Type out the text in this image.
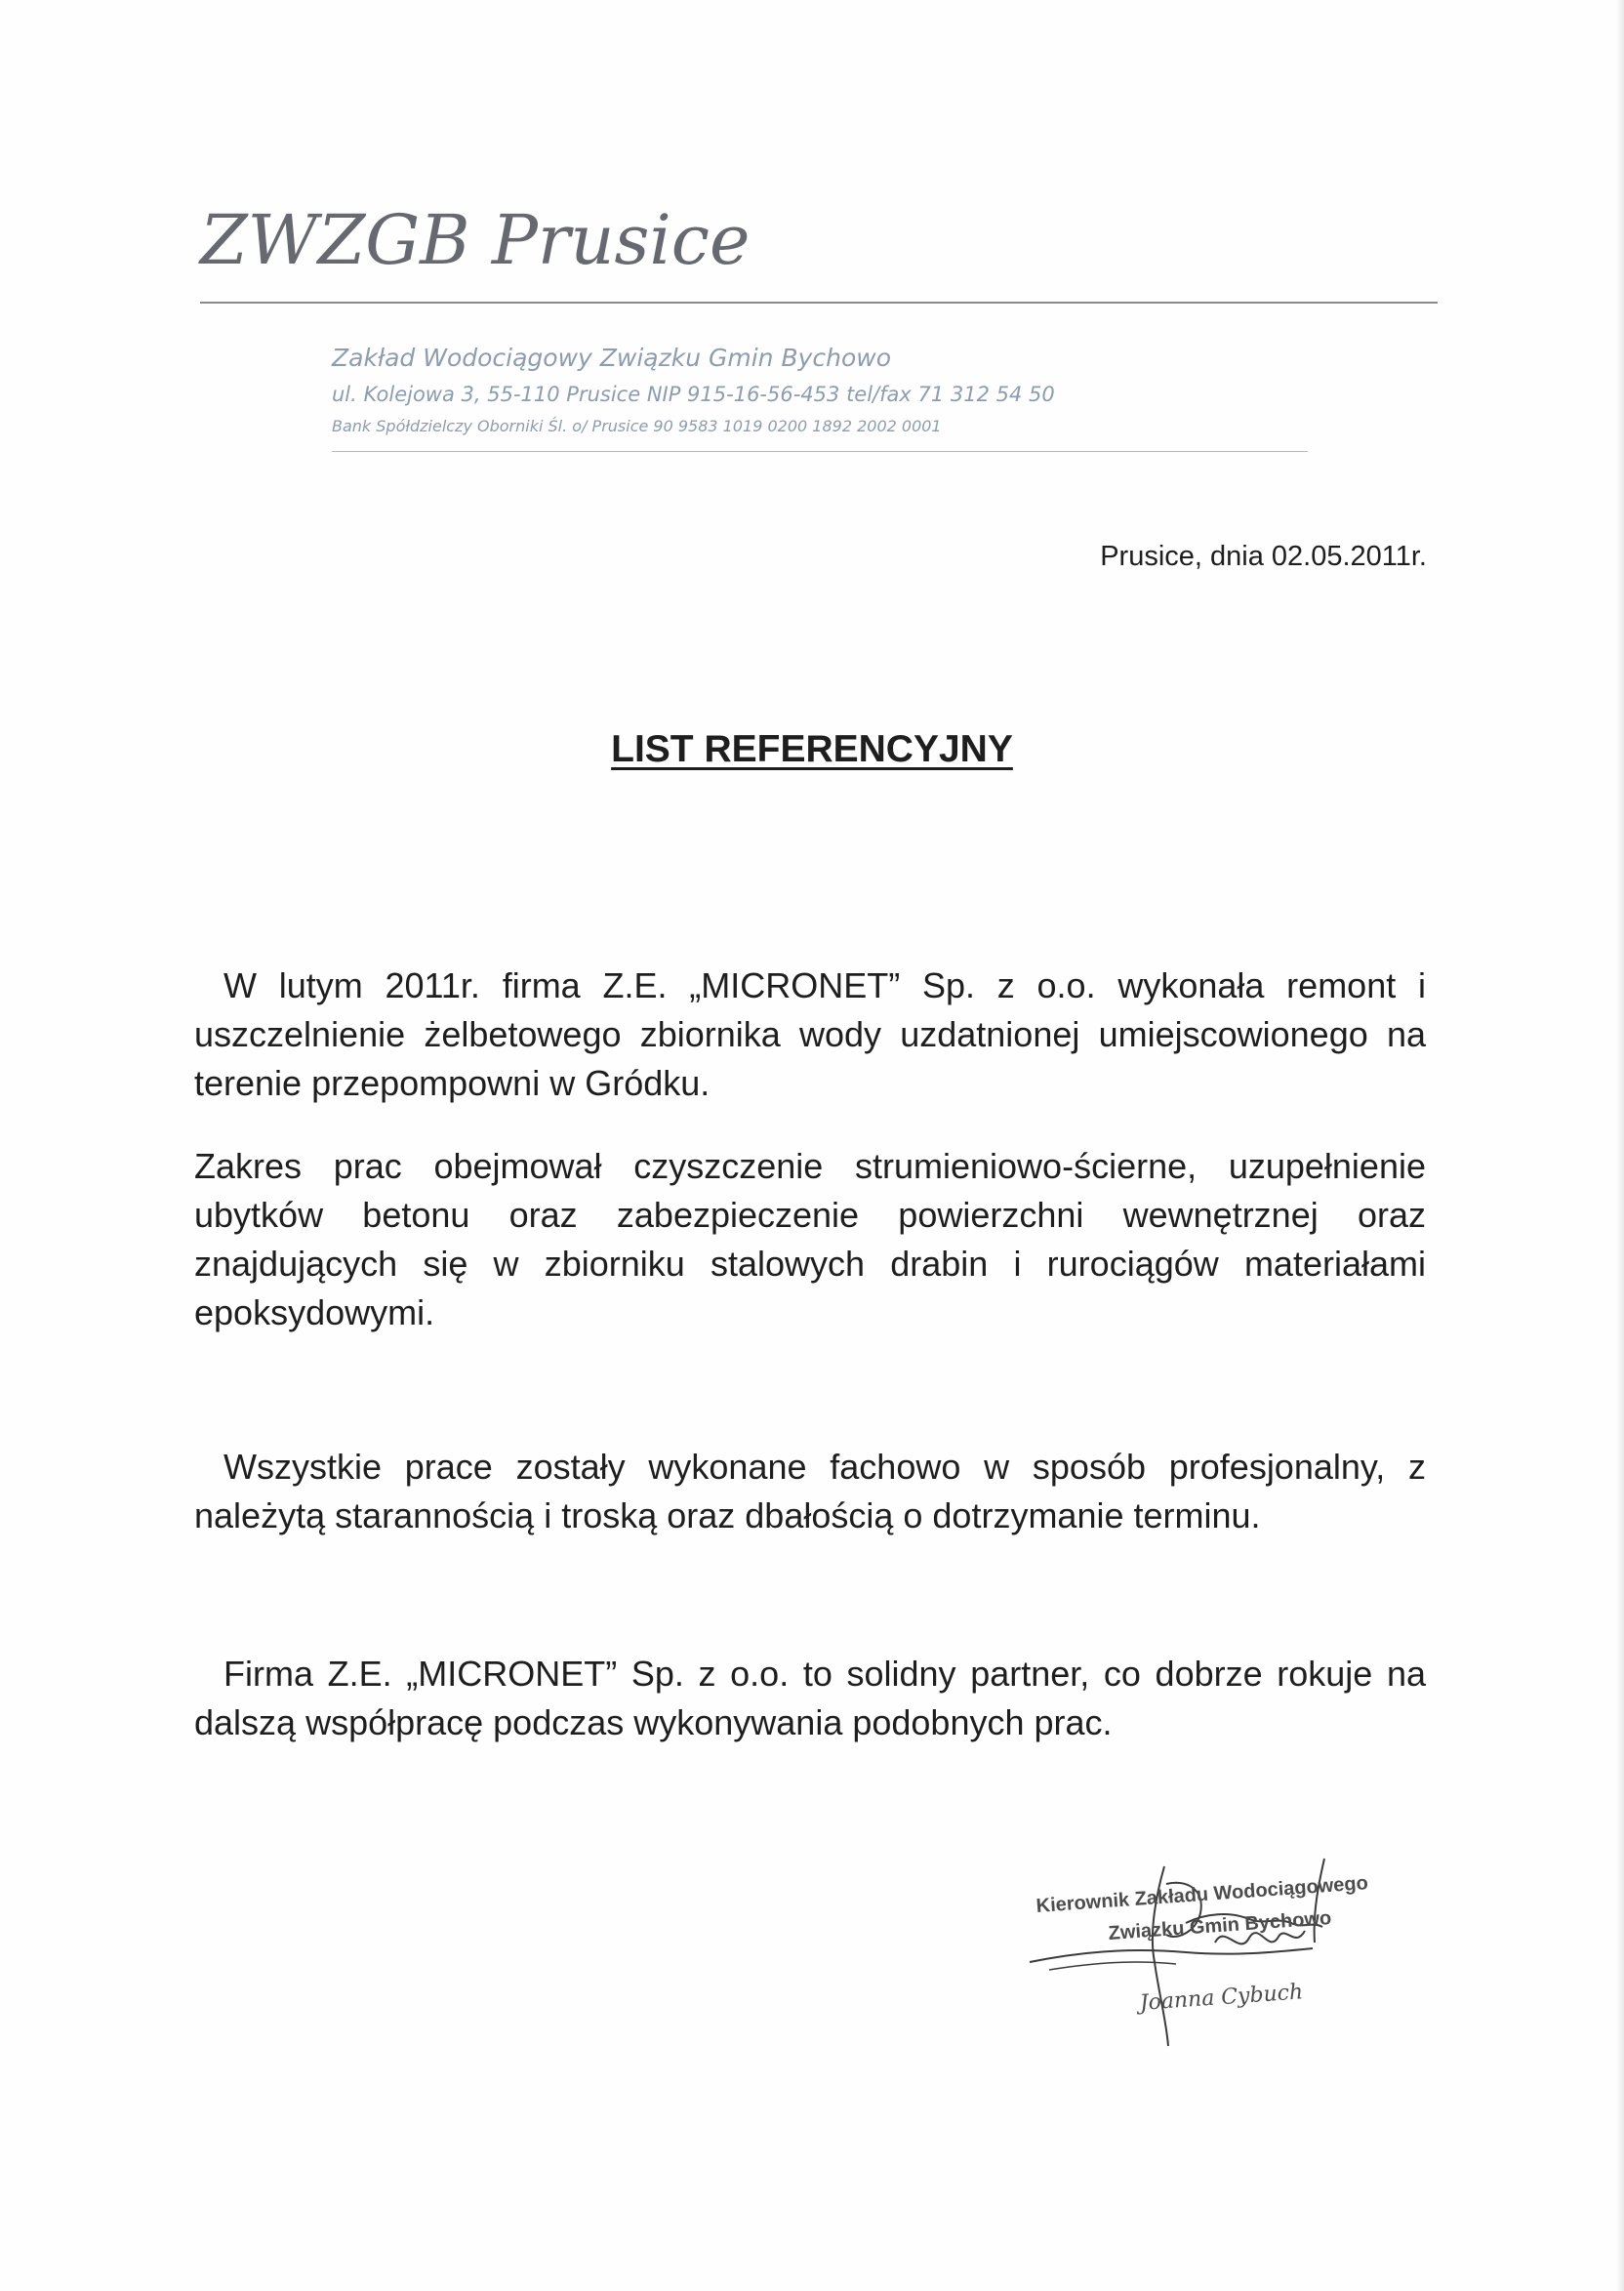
ZWZGB Prusice
Zakład Wodociągowy Związku Gmin Bychowo
ul. Kolejowa 3, 55-110 Prusice NIP 915-16-56-453 tel/fax 71 312 54 50
Bank Spółdzielczy Oborniki Śl. o/ Prusice 90 9583 1019 0200 1892 2002 0001
Prusice, dnia 02.05.2011r.
LIST REFERENCYJNY

W lutym 2011r. firma Z.E. „MICRONET” Sp. z o.o. wykonała remont i uszczelnienie żelbetowego zbiornika wody uzdatnionej umiejscowionego na terenie przepompowni w Gródku.

Zakres prac obejmował czyszczenie strumieniowo-ścierne, uzupełnienie ubytków betonu oraz zabezpieczenie powierzchni wewnętrznej oraz znajdujących się w zbiorniku stalowych drabin i rurociągów materiałami epoksydowymi.

Wszystkie prace zostały wykonane fachowo w sposób profesjonalny, z należytą starannością i troską oraz dbałością o dotrzymanie terminu.

Firma Z.E. „MICRONET” Sp. z o.o. to solidny partner, co dobrze rokuje na dalszą współpracę podczas wykonywania podobnych prac.

Kierownik Zakładu Wodociągowego
Związku Gmin Bychowo
Joanna Cybuch
